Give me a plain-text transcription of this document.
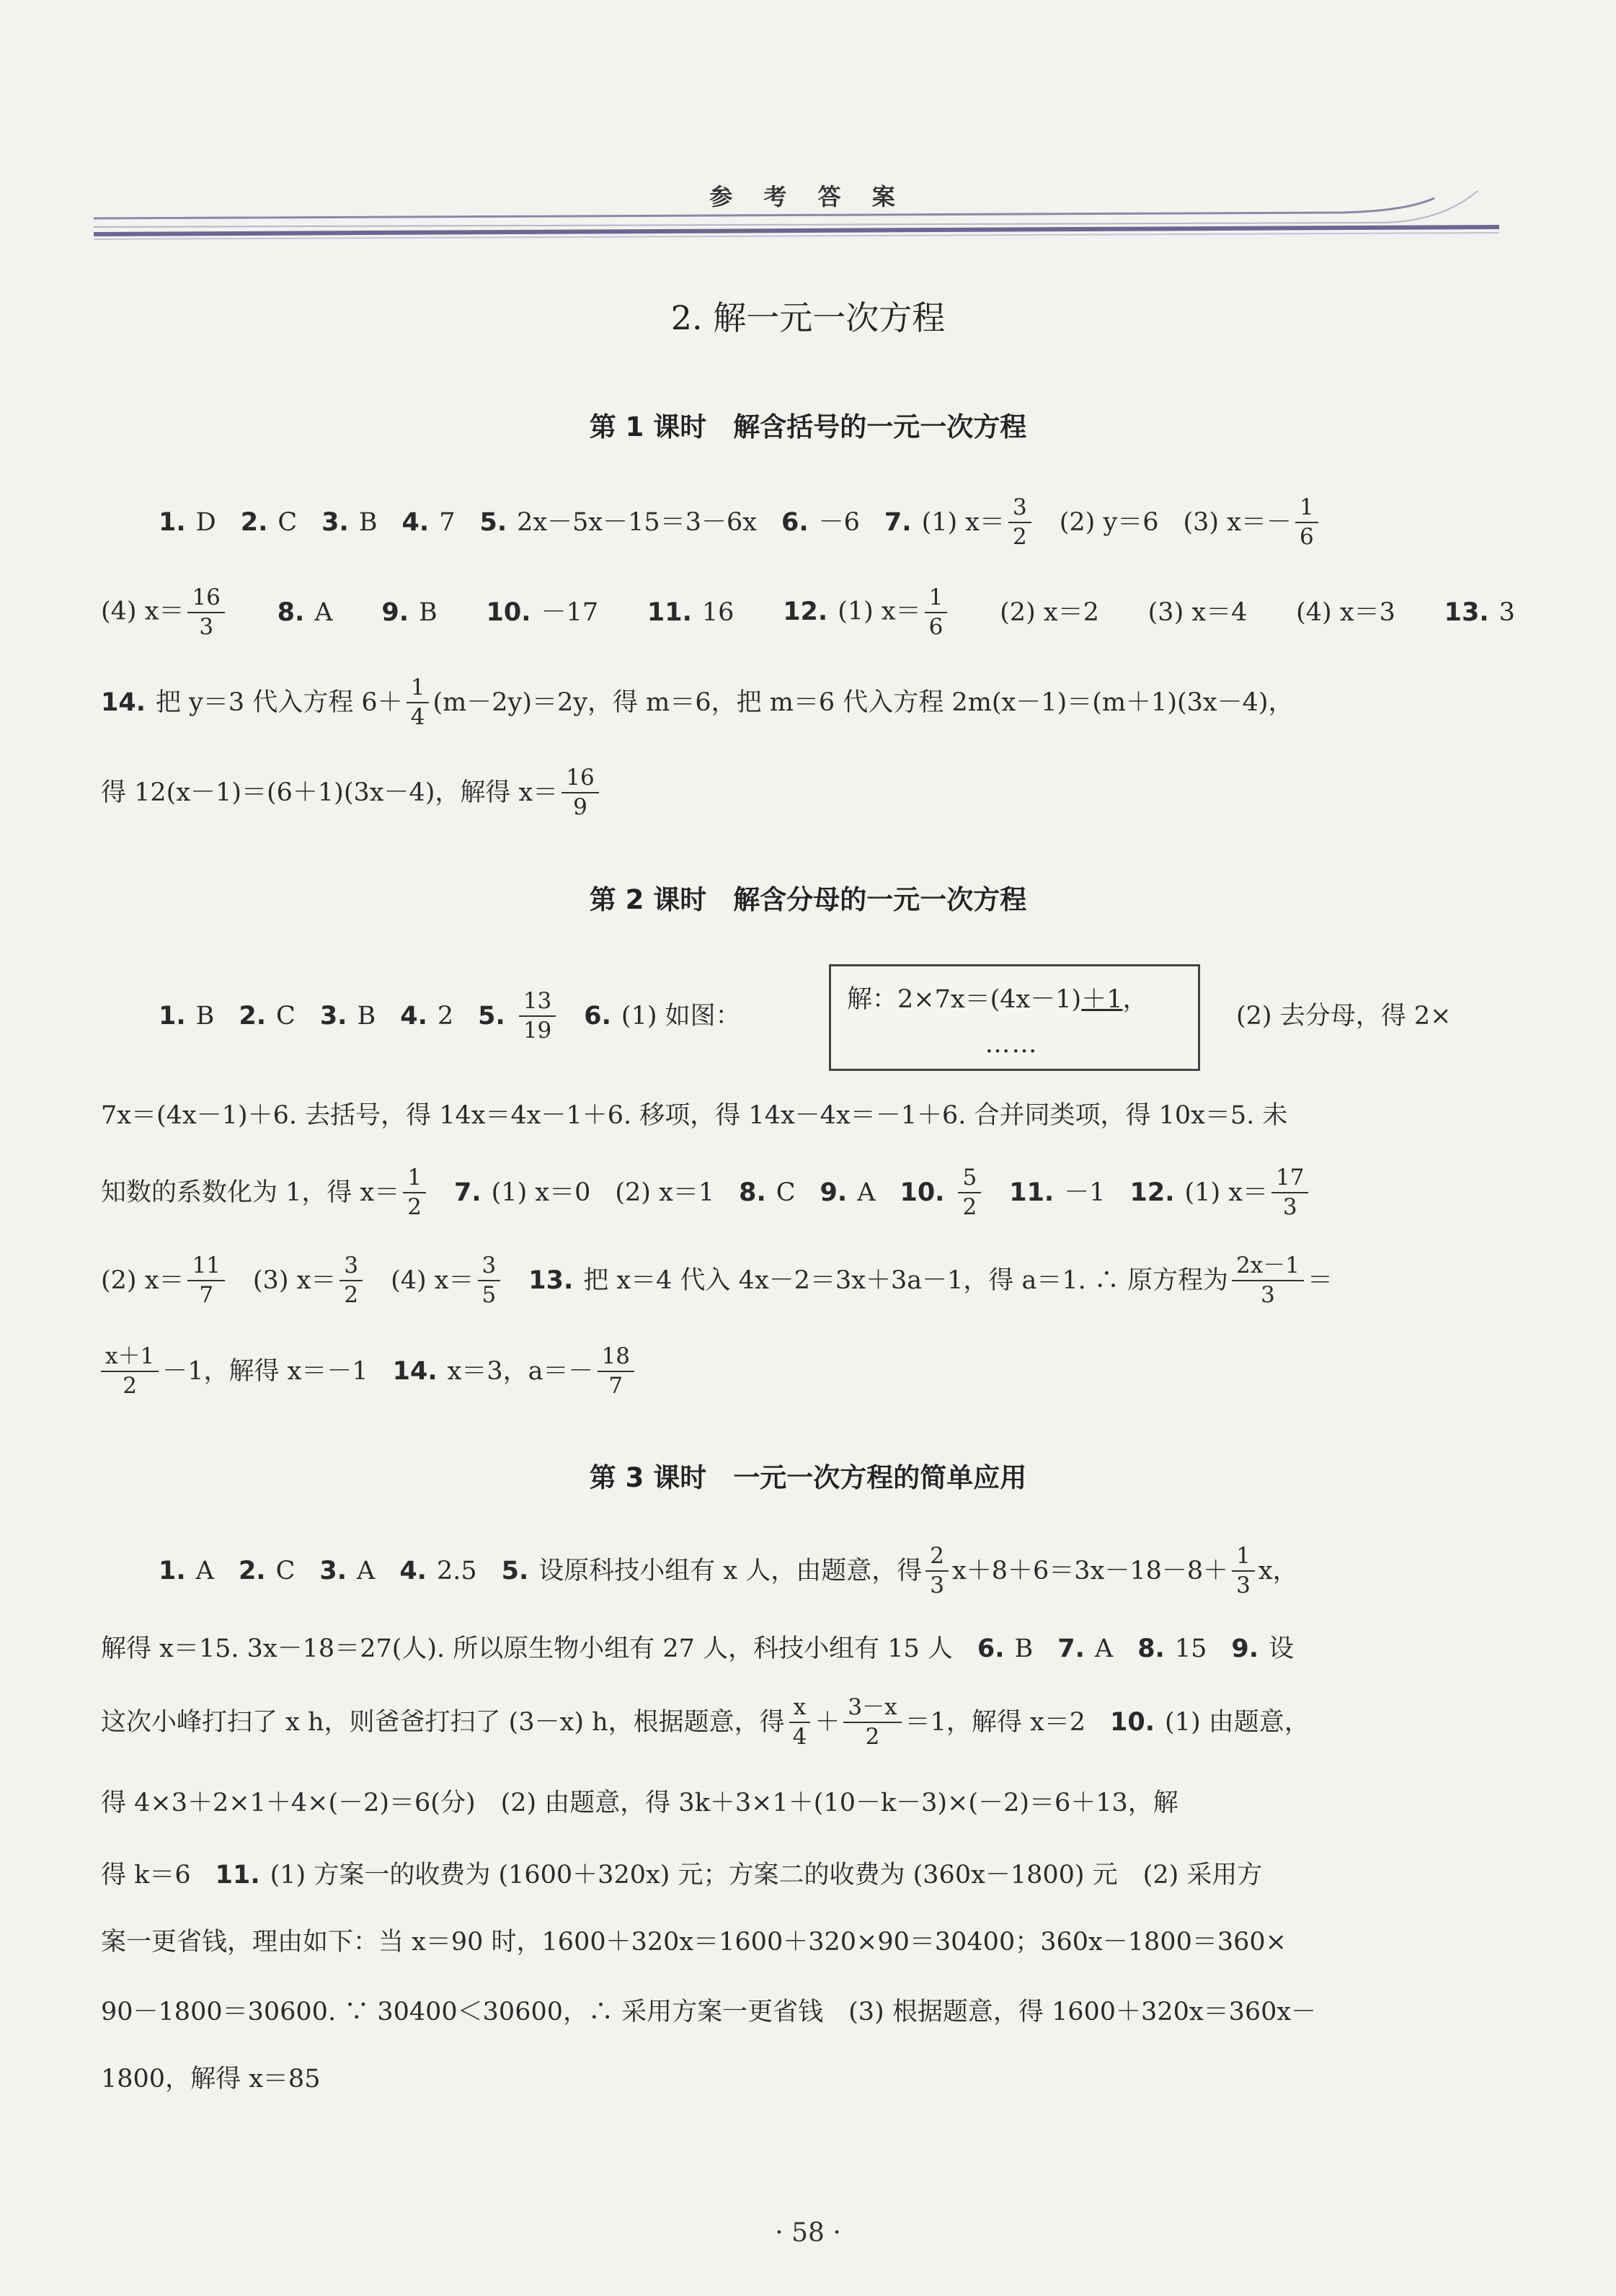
参 考 答 案
2. 解一元一次方程
第 1 课时　解含括号的一元一次方程
1. D 2. C 3. B 4. 7 5. 2x－5x－15＝3－6x 6. －6 7. (1) $x= \frac{3}{2} (2)$ y＝6 (3) $x=- \frac{1}{6}$
(4) $x= \frac{16}{3} 8$. A 9. B 10. －17 11. 16 12. (1) $x= \frac{1}{6} (2)$ x＝2 (3) x＝4 (4) x＝3 13. 3
14. 把 y＝3 代入方程 $6+ \frac{1}{4} (m-2y)=2y$，得 m＝6，把 m＝6 代入方程 2m(x－1)＝(m＋1)(3x－4)，
得 12(x－1)＝(6＋1)(3x－4)，解得 $x= \frac{16}{9}$
第 2 课时　解含分母的一元一次方程
1. B 2. C 3. B 4. 2 5. $\frac{13}{19} 6$. (1) 如图：
解：2×7x＝(4x－1)＋1，
……
(2) 去分母，得 2×
7x＝(4x－1)＋6. 去括号，得 14x＝4x－1＋6. 移项，得 14x－4x＝－1＋6. 合并同类项，得 10x＝5. 未
知数的系数化为 1，得 $x= \frac{1}{2} 7$. (1) x＝0 (2) x＝1 8. C 9. A 10. $\frac{5}{2} 11$. －1 12. (1) $x= \frac{17}{3}$
(2) $x= \frac{11}{7} (3)$ $x= \frac{3}{2} (4)$ $x= \frac{3}{5} 13$. 把 x＝4 代入 4x－2＝3x＋3a－1，得 a＝1. ∴ 原方程为 $\frac{2x-1}{3}$ ＝
$\frac{x+1}{2} -1$，解得 x＝－1 14. x＝3，$a=- \frac{18}{7}$
第 3 课时　一元一次方程的简单应用
1. A 2. C 3. A 4. 2.5 5. 设原科技小组有 x 人，由题意，得 $\frac{2}{3} x+8+6=3x-18-8+ \frac{1}{3}$ x，
解得 x＝15. 3x－18＝27(人). 所以原生物小组有 27 人，科技小组有 15 人 6. B 7. A 8. 15 9. 设
这次小峰打扫了 x h，则爸爸打扫了 (3－x) h，根据题意，得 $\frac{x}{4} + \frac{3-x}{2} =1$，解得 x＝2 10. (1) 由题意，
得 4×3＋2×1＋4×(－2)＝6(分)　(2) 由题意，得 3k＋3×1＋(10－k－3)×(－2)＝6＋13，解
得 k＝6 11. (1) 方案一的收费为 (1600＋320x) 元；方案二的收费为 (360x－1800) 元　(2) 采用方
案一更省钱，理由如下：当 x＝90 时，1600＋320x＝1600＋320×90＝30400；360x－1800＝360×
90－1800＝30600. ∵ 30400＜30600，∴ 采用方案一更省钱　(3) 根据题意，得 1600＋320x＝360x－
1800，解得 x＝85
· 58 ·
